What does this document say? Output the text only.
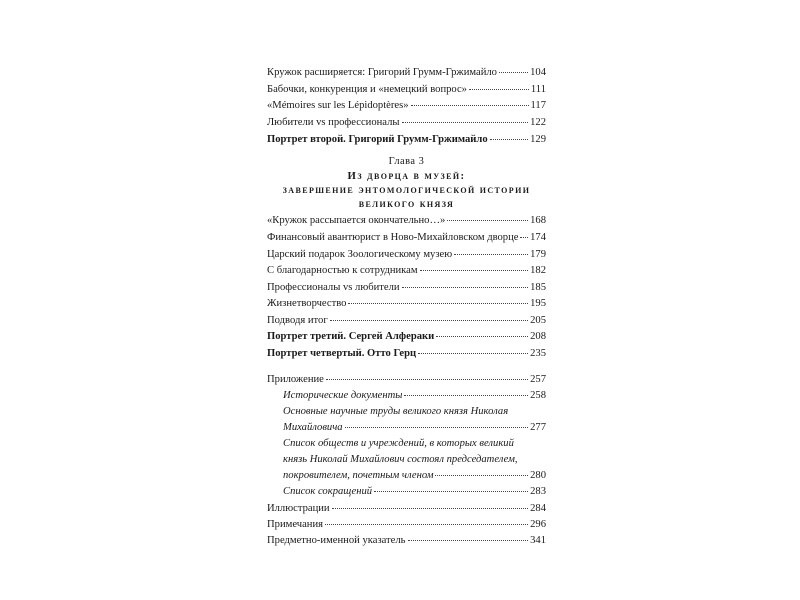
Кружок расширяется: Григорий Грумм-Гржимайло	104
Бабочки, конкуренция и «немецкий вопрос»	111
«Mémoires sur les Lépidoptères»	117
Любители vs профессионалы	122
Портрет второй. Григорий Грумм-Гржимайло	129
Глава 3
Из дворца в музей:
завершение энтомологической истории
великого князя
«Кружок рассыпается окончательно…»	168
Финансовый авантюрист в Ново-Михайловском дворце 174
Царский подарок Зоологическому музею	179
С благодарностью к сотрудникам	182
Профессионалы vs любители	185
Жизнетворчество	195
Подводя итог	205
Портрет третий. Сергей Алфераки	208
Портрет четвертый. Отто Герц	235
Приложение	257
Исторические документы	258
Основные научные труды великого князя Николая
Михайловича	277
Список обществ и учреждений, в которых великий
князь Николай Михайлович состоял председателем,
покровителем, почетным членом	280
Список сокращений	283
Иллюстрации	284
Примечания	296
Предметно-именной указатель	341
